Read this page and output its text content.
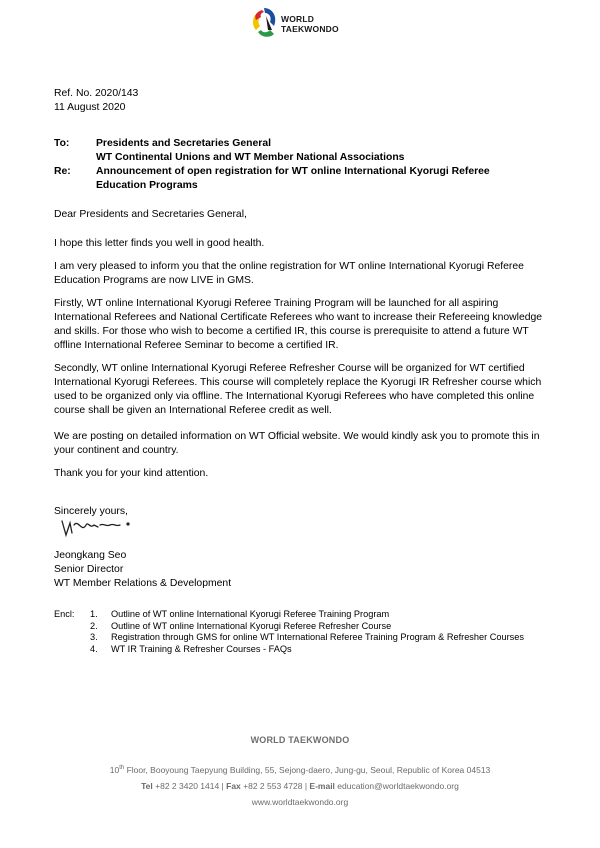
WORLD
TAEKWONDO
Ref. No. 2020/143
11 August 2020
To:	Presidents and Secretaries General
WT Continental Unions and WT Member National Associations
Re:	Announcement of open registration for WT online International Kyorugi Referee
Education Programs

Dear Presidents and Secretaries General,

I hope this letter finds you well in good health.

I am very pleased to inform you that the online registration for WT online International Kyorugi Referee Education Programs are now LIVE in GMS.

Firstly, WT online International Kyorugi Referee Training Program will be launched for all aspiring International Referees and National Certificate Referees who want to increase their Refereeing knowledge and skills. For those who wish to become a certified IR, this course is prerequisite to attend a future WT offline International Referee Seminar to become a certified IR.

Secondly, WT online International Kyorugi Referee Refresher Course will be organized for WT certified International Kyorugi Referees. This course will completely replace the Kyorugi IR Refresher course which used to be organized only via offline. The International Kyorugi Referees who have completed this online course shall be given an International Referee credit as well.

We are posting on detailed information on WT Official website. We would kindly ask you to promote this in your continent and country.

Thank you for your kind attention.

Sincerely yours,

Jeongkang Seo
Senior Director
WT Member Relations & Development
Encl: 1.	Outline of WT online International Kyorugi Referee Training Program
2.	Outline of WT online International Kyorugi Referee Refresher Course
3.	Registration through GMS for online WT International Referee Training Program & Refresher Courses
4.	WT IR Training & Refresher Courses - FAQs
WORLD TAEKWONDO
10th Floor, Booyoung Taepyung Building, 55, Sejong-daero, Jung-gu, Seoul, Republic of Korea 04513
Tel +82 2 3420 1414 | Fax +82 2 553 4728 | E-mail education@worldtaekwondo.org
www.worldtaekwondo.org
